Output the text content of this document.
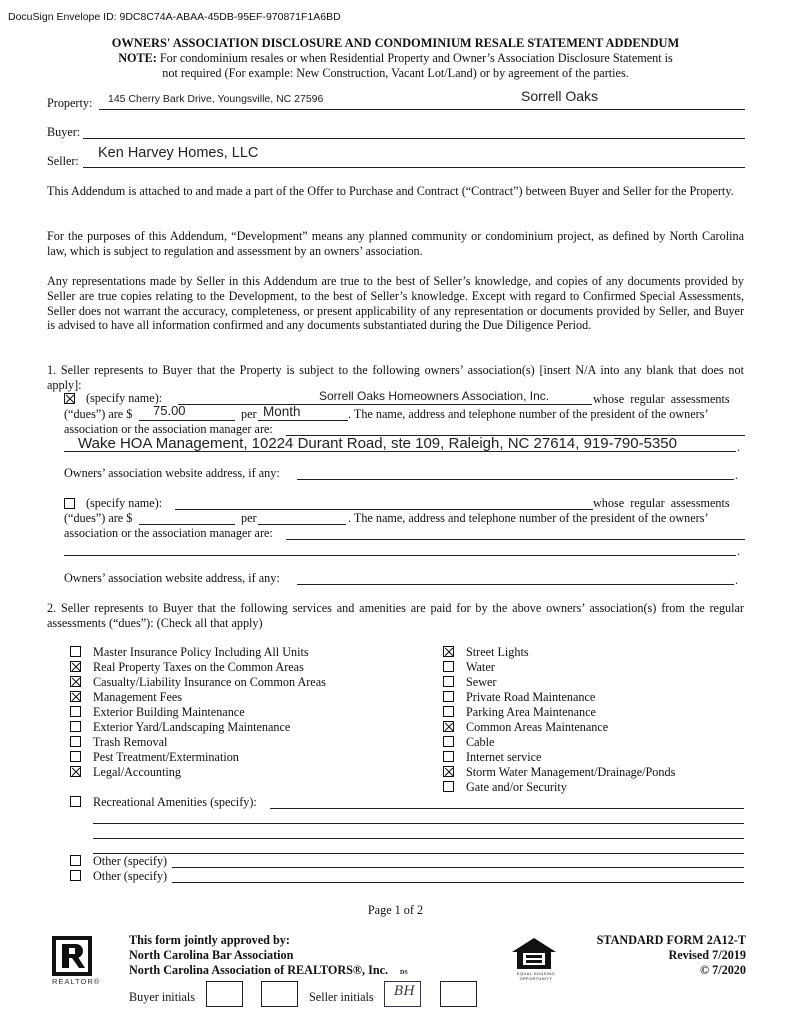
DocuSign Envelope ID: 9DC8C74A-ABAA-45DB-95EF-970871F1A6BD
OWNERS' ASSOCIATION DISCLOSURE AND CONDOMINIUM RESALE STATEMENT ADDENDUM
NOTE: For condominium resales or when Residential Property and Owner’s Association Disclosure Statement is
not required (For example: New Construction, Vacant Lot/Land) or by agreement of the parties.
Property: 145 Cherry Bark Drive, Youngsville, NC 27596	Sorrell Oaks
Buyer:
Seller: Ken Harvey Homes, LLC
This Addendum is attached to and made a part of the Offer to Purchase and Contract (“Contract”) between Buyer and Seller for the Property.
For the purposes of this Addendum, “Development” means any planned community or condominium project, as defined by North Carolina law, which is subject to regulation and assessment by an owners’ association.
Any representations made by Seller in this Addendum are true to the best of Seller’s knowledge, and copies of any documents provided by Seller are true copies relating to the Development, to the best of Seller’s knowledge. Except with regard to Confirmed Special Assessments, Seller does not warrant the accuracy, completeness, or present applicability of any representation or documents provided by Seller, and Buyer is advised to have all information confirmed and any documents substantiated during the Due Diligence Period.
1. Seller represents to Buyer that the Property is subject to the following owners’ association(s) [insert N/A into any blank that does not apply]:
(specify name):	Sorrell Oaks Homeowners Association, Inc.	whose regular assessments
(“dues”) are $ 75.00	per Month	. The name, address and telephone number of the president of the owners’
association or the association manager are:
Wake HOA Management, 10224 Durant Road, ste 109, Raleigh, NC 27614, 919-790-5350	.
Owners’ association website address, if any:	.
(specify name):	whose regular assessments
(“dues”) are $	per	. The name, address and telephone number of the president of the owners’
association or the association manager are:
.
Owners’ association website address, if any:	.
2. Seller represents to Buyer that the following services and amenities are paid for by the above owners’ association(s) from the regular assessments (“dues”): (Check all that apply)
Master Insurance Policy Including All Units
Real Property Taxes on the Common Areas
Casualty/Liability Insurance on Common Areas
Management Fees
Exterior Building Maintenance
Exterior Yard/Landscaping Maintenance
Trash Removal
Pest Treatment/Extermination
Legal/Accounting
Street Lights
Water
Sewer
Private Road Maintenance
Parking Area Maintenance
Common Areas Maintenance
Cable
Internet service
Storm Water Management/Drainage/Ponds
Gate and/or Security
Recreational Amenities (specify):
Other (specify)
Other (specify)
Page 1 of 2
REALTOR®
This form jointly approved by:
North Carolina Bar Association
North Carolina Association of REALTORS®, Inc. DS
Buyer initials	Seller initials BH
EQUAL HOUSING OPPORTUNITY
STANDARD FORM 2A12-T
Revised 7/2019
© 7/2020
